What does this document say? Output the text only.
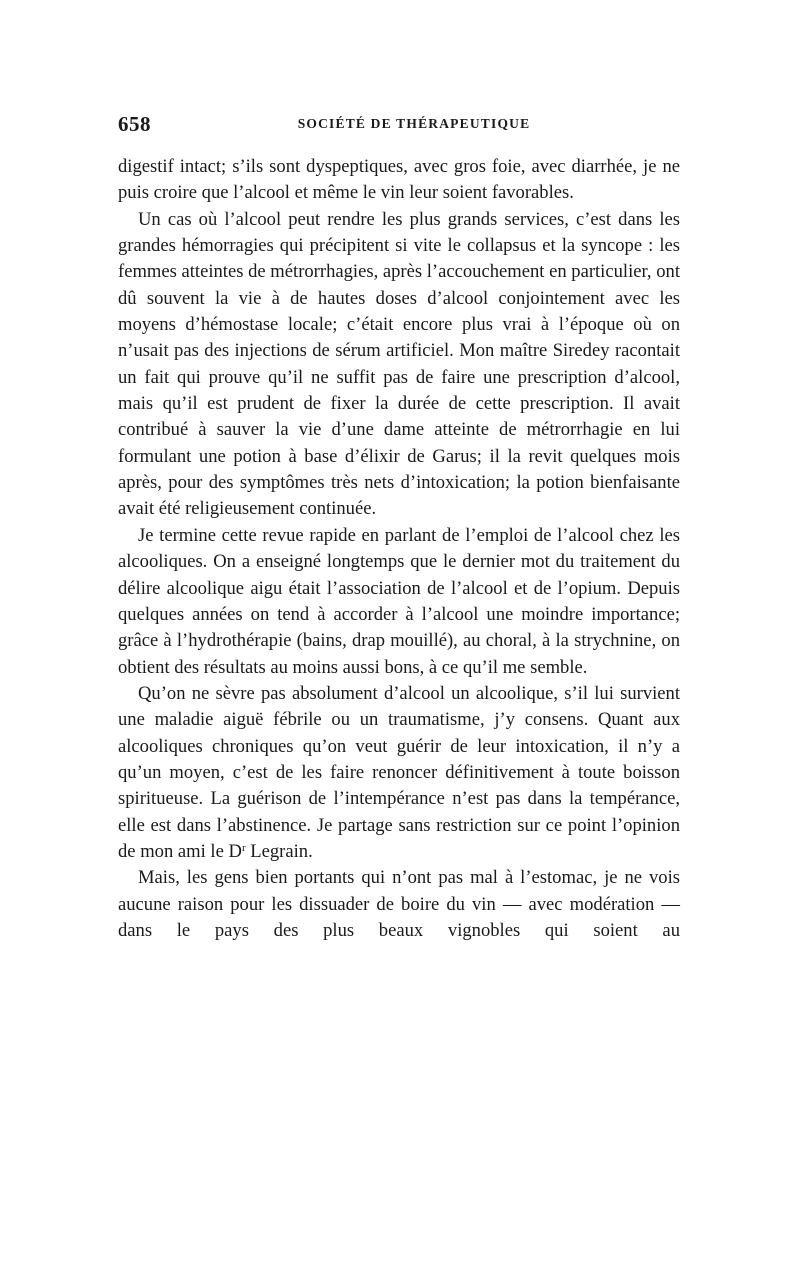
658	SOCIÉTÉ DE THÉRAPEUTIQUE

digestif intact; s’ils sont dyspeptiques, avec gros foie, avec diarrhée, je ne puis croire que l’alcool et même le vin leur soient favorables.

Un cas où l’alcool peut rendre les plus grands services, c’est dans les grandes hémorragies qui précipitent si vite le collapsus et la syncope : les femmes atteintes de métrorrhagies, après l’accouchement en particulier, ont dû souvent la vie à de hautes doses d’alcool conjointement avec les moyens d’hémostase locale; c’était encore plus vrai à l’époque où on n’usait pas des injections de sérum artificiel. Mon maître Siredey racontait un fait qui prouve qu’il ne suffit pas de faire une prescription d’alcool, mais qu’il est prudent de fixer la durée de cette prescription. Il avait contribué à sauver la vie d’une dame atteinte de métrorrhagie en lui formulant une potion à base d’élixir de Garus; il la revit quelques mois après, pour des symptômes très nets d’intoxication; la potion bienfaisante avait été religieusement continuée.

Je termine cette revue rapide en parlant de l’emploi de l’alcool chez les alcooliques. On a enseigné longtemps que le dernier mot du traitement du délire alcoolique aigu était l’association de l’alcool et de l’opium. Depuis quelques années on tend à accorder à l’alcool une moindre importance; grâce à l’hydrothérapie (bains, drap mouillé), au choral, à la strychnine, on obtient des résultats au moins aussi bons, à ce qu’il me semble.

Qu’on ne sèvre pas absolument d’alcool un alcoolique, s’il lui survient une maladie aiguë fébrile ou un traumatisme, j’y consens. Quant aux alcooliques chroniques qu’on veut guérir de leur intoxication, il n’y a qu’un moyen, c’est de les faire renoncer définitivement à toute boisson spiritueuse. La guérison de l’intempérance n’est pas dans la tempérance, elle est dans l’abstinence. Je partage sans restriction sur ce point l’opinion de mon ami le $D^r$ Legrain.

Mais, les gens bien portants qui n’ont pas mal à l’estomac, je ne vois aucune raison pour les dissuader de boire du vin — avec modération — dans le pays des plus beaux vignobles qui soient au
